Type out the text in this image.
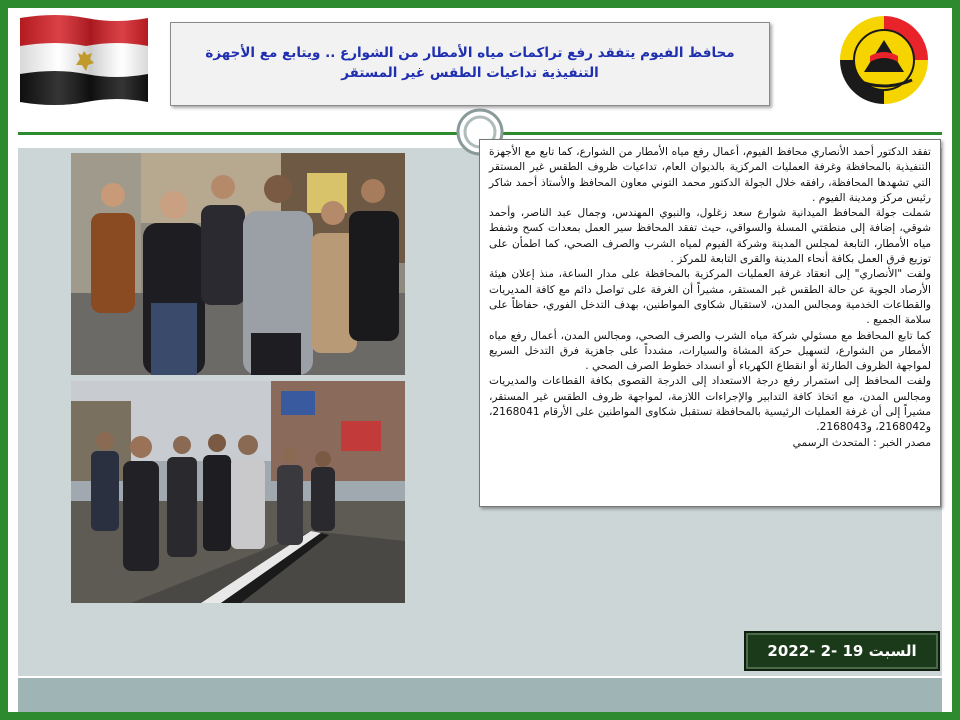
محافظ الفيوم يتفقد رفع تراكمات مياه الأمطار من الشوارع .. ويتابع مع الأجهزة التنفيذية تداعيات الطقس غير المستقر

تفقد الدكتور أحمد الأنصاري محافظ الفيوم، أعمال رفع مياه الأمطار من الشوارع، كما تابع مع الأجهزة التنفيذية بالمحافظة وغرفة العمليات المركزية بالديوان العام، تداعيات ظروف الطقس غير المستقر التي تشهدها المحافظة، رافقه خلال الجولة الدكتور محمد التوني معاون المحافظ والأستاذ أحمد شاكر رئيس مركز ومدينة الفيوم .

شملت جولة المحافظ الميدانية شوارع سعد زغلول، والنبوي المهندس، وجمال عبد الناصر، وأحمد شوقي، إضافة إلى منطقتي المسلة والسواقي، حيث تفقد المحافظ سير العمل بمعدات كسح وشفط مياه الأمطار، التابعة لمجلس المدينة وشركة الفيوم لمياه الشرب والصرف الصحي، كما اطمأن على توزيع فرق العمل بكافة أنحاء المدينة والقرى التابعة للمركز .

ولفت "الأنصاري" إلى انعقاد غرفة العمليات المركزية بالمحافظة على مدار الساعة، منذ إعلان هيئة الأرصاد الجوية عن حالة الطقس غير المستقر، مشيراً أن الغرفة على تواصل دائم مع كافة المديريات والقطاعات الخدمية ومجالس المدن، لاستقبال شكاوى المواطنين، بهدف التدخل الفوري، حفاظاً على سلامة الجميع .

كما تابع المحافظ مع مسئولي شركة مياه الشرب والصرف الصحي، ومجالس المدن، أعمال رفع مياه الأمطار من الشوارع، لتسهيل حركة المشاة والسيارات، مشدداً على جاهزية فرق التدخل السريع لمواجهة الظروف الطارئة أو انقطاع الكهرباء أو انسداد خطوط الصرف الصحي .

ولفت المحافظ إلى استمرار رفع درجة الاستعداد إلى الدرجة القصوى بكافة القطاعات والمديريات ومجالس المدن، مع اتخاذ كافة التدابير والإجراءات اللازمة، لمواجهة ظروف الطقس غير المستقر، مشيراً إلى أن غرفة العمليات الرئيسية بالمحافظة تستقبل شكاوى المواطنين على الأرقام 2168041، و2168042، و2168043.

مصدر الخبر : المتحدث الرسمي

السبت 19 -2 -2022
